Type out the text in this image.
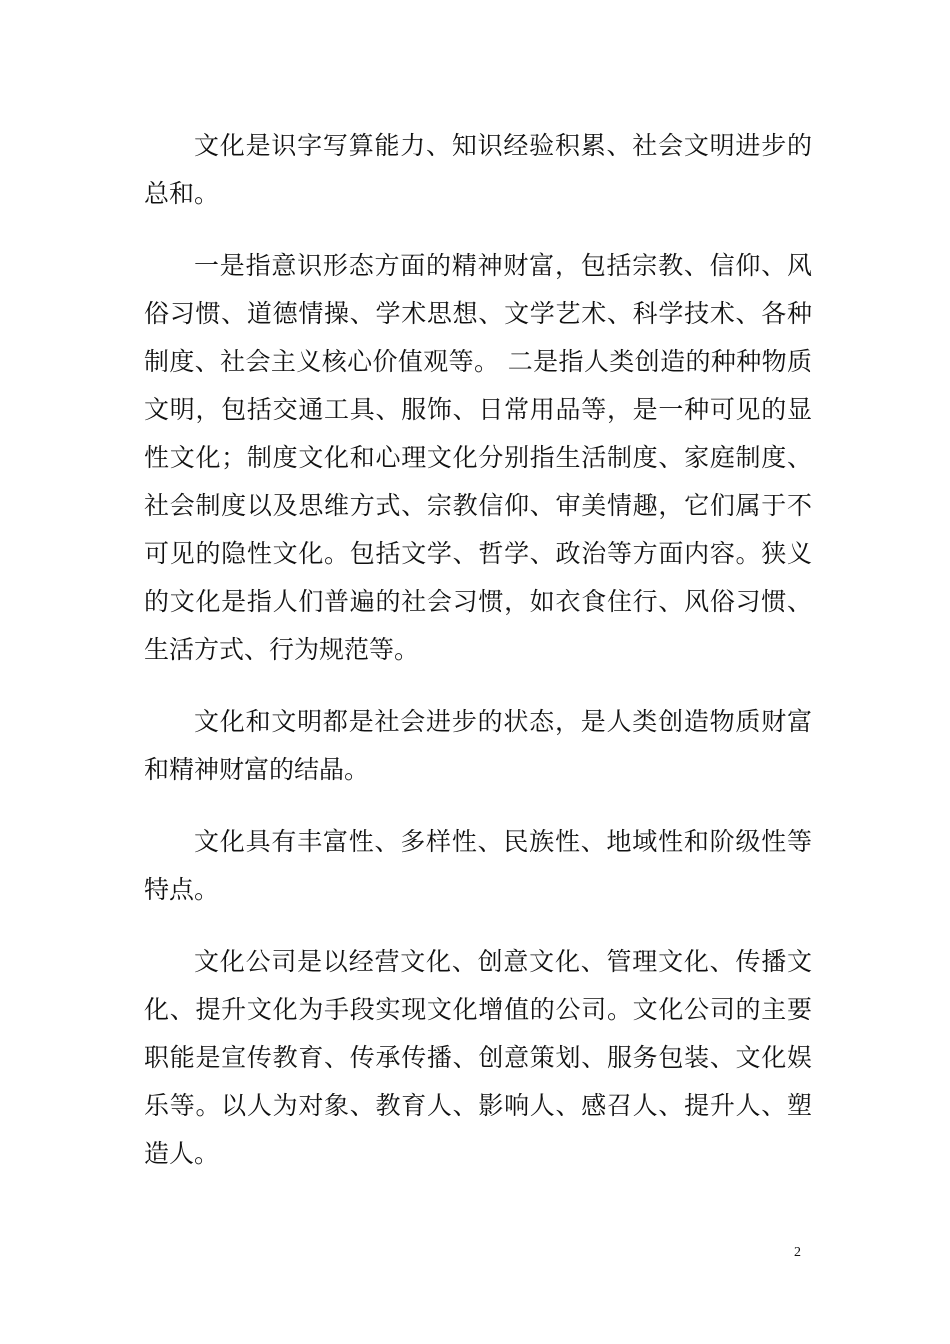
文化是识字写算能力、知识经验积累、社会文明进步的总和。

一是指意识形态方面的精神财富，包括宗教、信仰、风俗习惯、道德情操、学术思想、文学艺术、科学技术、各种制度、社会主义核心价值观等。 二是指人类创造的种种物质文明，包括交通工具、服饰、日常用品等，是一种可见的显性文化；制度文化和心理文化分别指生活制度、家庭制度、 社会制度以及思维方式、宗教信仰、审美情趣，它们属于不可见的隐性文化。包括文学、哲学、政治等方面内容。狭义的文化是指人们普遍的社会习惯，如衣食住行、风俗习惯、生活方式、行为规范等。

文化和文明都是社会进步的状态，是人类创造物质财富和精神财富的结晶。

文化具有丰富性、多样性、民族性、地域性和阶级性等特点。

文化公司是以经营文化、创意文化、管理文化、传播文化、提升文化为手段实现文化增值的公司。文化公司的主要职能是宣传教育、传承传播、创意策划、服务包装、文化娱乐等。以人为对象、教育人、影响人、感召人、提升人、塑造人。

2
